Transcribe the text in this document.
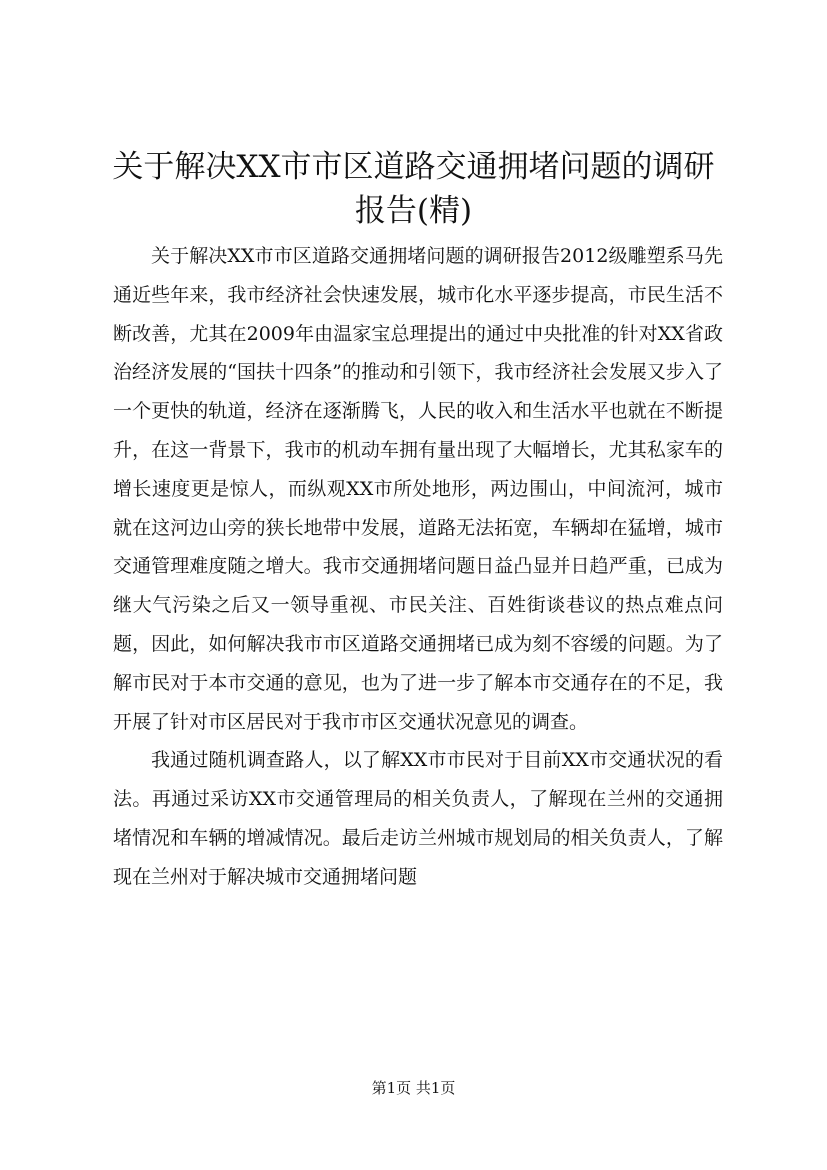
关于解决XX市市区道路交通拥堵问题的调研
报告(精)

关于解决XX市市区道路交通拥堵问题的调研报告2012级雕塑系马先通近些年来，我市经济社会快速发展，城市化水平逐步提高，市民生活不断改善，尤其在2009年由温家宝总理提出的通过中央批准的针对XX省政治经济发展的“国扶十四条”的推动和引领下，我市经济社会发展又步入了一个更快的轨道，经济在逐渐腾飞，人民的收入和生活水平也就在不断提升，在这一背景下，我市的机动车拥有量出现了大幅增长，尤其私家车的增长速度更是惊人，而纵观XX市所处地形，两边围山，中间流河，城市就在这河边山旁的狭长地带中发展，道路无法拓宽，车辆却在猛增，城市交通管理难度随之增大。我市交通拥堵问题日益凸显并日趋严重，已成为继大气污染之后又一领导重视、市民关注、百姓街谈巷议的热点难点问题，因此，如何解决我市市区道路交通拥堵已成为刻不容缓的问题。为了解市民对于本市交通的意见，也为了进一步了解本市交通存在的不足，我开展了针对市区居民对于我市市区交通状况意见的调查。

我通过随机调查路人，以了解XX市市民对于目前XX市交通状况的看法。再通过采访XX市交通管理局的相关负责人，了解现在兰州的交通拥堵情况和车辆的增减情况。最后走访兰州城市规划局的相关负责人，了解现在兰州对于解决城市交通拥堵问题

第1页 共1页
